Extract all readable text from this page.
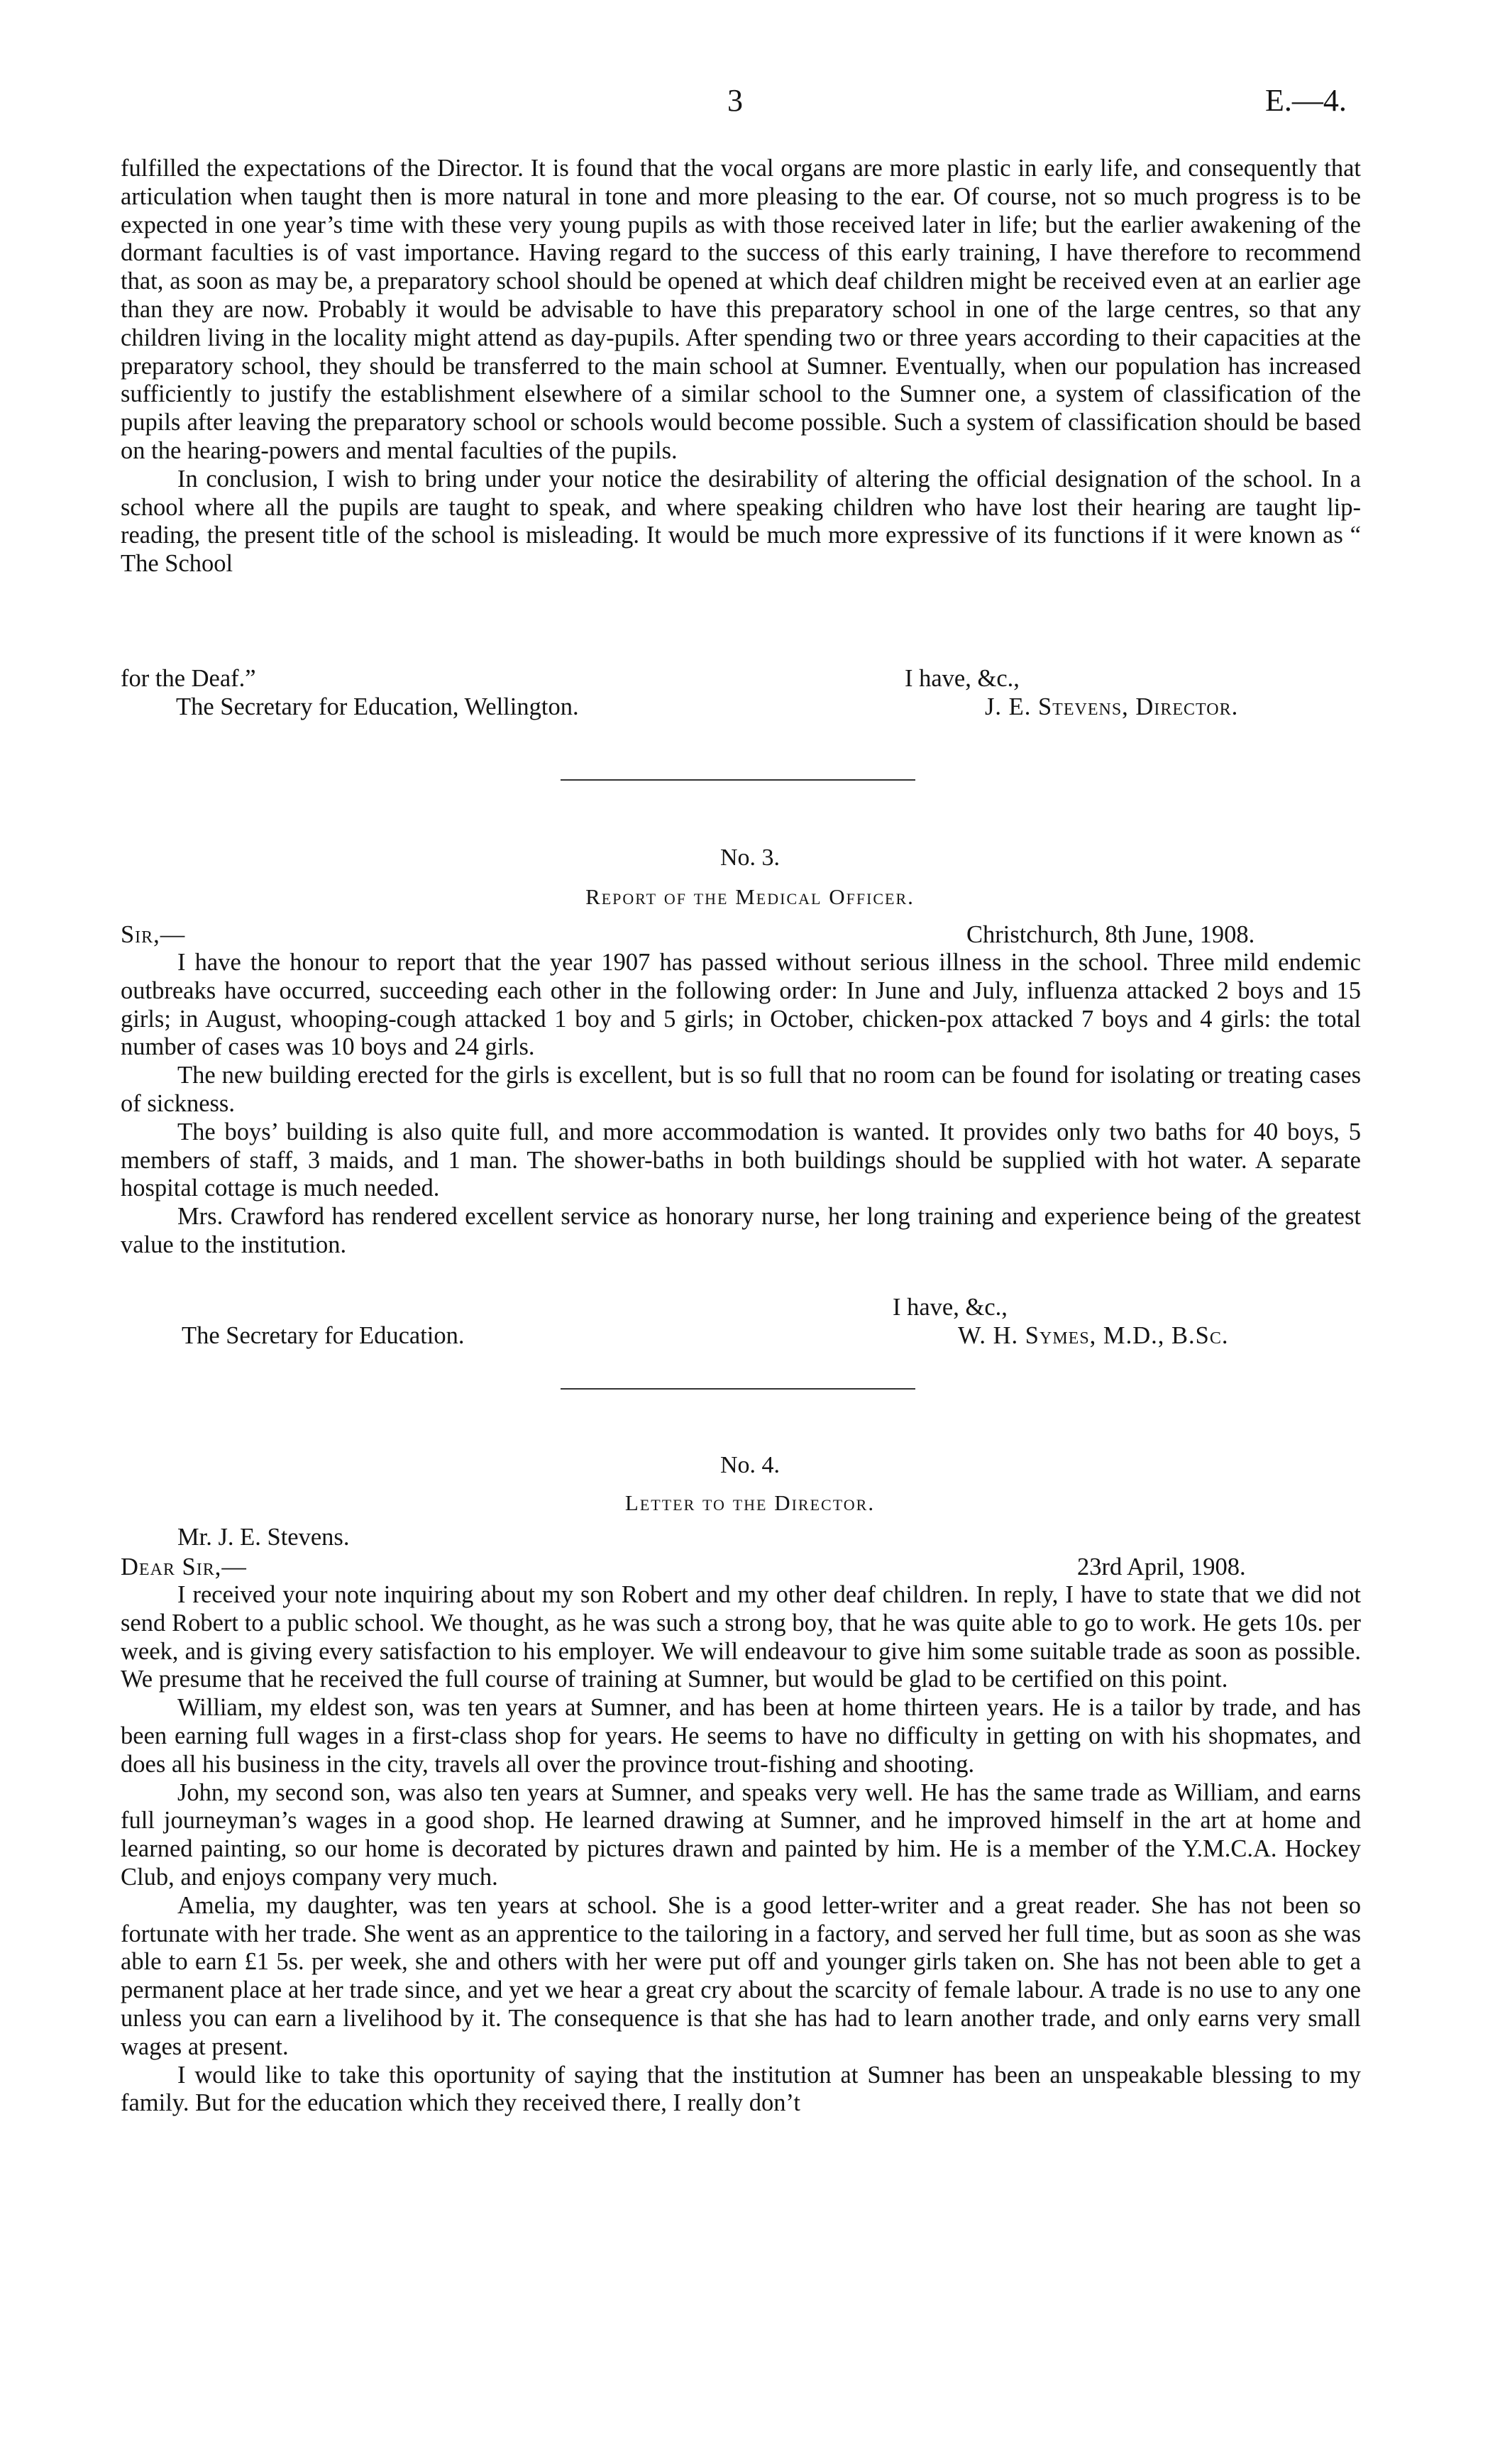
3	E.—4.

fulfilled the expectations of the Director. It is found that the vocal organs are more plastic in early life, and consequently that articulation when taught then is more natural in tone and more pleasing to the ear. Of course, not so much progress is to be expected in one year’s time with these very young pupils as with those received later in life; but the earlier awakening of the dormant faculties is of vast importance. Having regard to the success of this early training, I have therefore to recommend that, as soon as may be, a preparatory school should be opened at which deaf children might be received even at an earlier age than they are now. Probably it would be advisable to have this preparatory school in one of the large centres, so that any children living in the locality might attend as day-pupils. After spending two or three years according to their capacities at the preparatory school, they should be transferred to the main school at Sumner. Eventually, when our population has increased sufficiently to justify the establishment elsewhere of a similar school to the Sumner one, a system of classification of the pupils after leaving the preparatory school or schools would become possible. Such a system of classification should be based on the hearing-powers and mental faculties of the pupils.

In conclusion, I wish to bring under your notice the desirability of altering the official designation of the school. In a school where all the pupils are taught to speak, and where speaking children who have lost their hearing are taught lip-reading, the present title of the school is misleading. It would be much more expressive of its functions if it were known as “ The School

for the Deaf.”	I have, &c.,
The Secretary for Education, Wellington.	J. E. Stevens, Director.
No. 3.
Report of the Medical Officer.
Sir,—	Christchurch, 8th June, 1908.

I have the honour to report that the year 1907 has passed without serious illness in the school. Three mild endemic outbreaks have occurred, succeeding each other in the following order: In June and July, influenza attacked 2 boys and 15 girls; in August, whooping-cough attacked 1 boy and 5 girls; in October, chicken-pox attacked 7 boys and 4 girls: the total number of cases was 10 boys and 24 girls.

The new building erected for the girls is excellent, but is so full that no room can be found for isolating or treating cases of sickness.

The boys’ building is also quite full, and more accommodation is wanted. It provides only two baths for 40 boys, 5 members of staff, 3 maids, and 1 man. The shower-baths in both buildings should be supplied with hot water. A separate hospital cottage is much needed.

Mrs. Crawford has rendered excellent service as honorary nurse, her long training and experience being of the greatest value to the institution.

I have, &c.,
The Secretary for Education.	W. H. Symes, M.D., B.Sc.
No. 4.
Letter to the Director.
Mr. J. E. Stevens.
Dear Sir,—	23rd April, 1908.

I received your note inquiring about my son Robert and my other deaf children. In reply, I have to state that we did not send Robert to a public school. We thought, as he was such a strong boy, that he was quite able to go to work. He gets 10s. per week, and is giving every satisfaction to his employer. We will endeavour to give him some suitable trade as soon as possible. We presume that he received the full course of training at Sumner, but would be glad to be certified on this point.

William, my eldest son, was ten years at Sumner, and has been at home thirteen years. He is a tailor by trade, and has been earning full wages in a first-class shop for years. He seems to have no difficulty in getting on with his shopmates, and does all his business in the city, travels all over the province trout-fishing and shooting.

John, my second son, was also ten years at Sumner, and speaks very well. He has the same trade as William, and earns full journeyman’s wages in a good shop. He learned drawing at Sumner, and he improved himself in the art at home and learned painting, so our home is decorated by pictures drawn and painted by him. He is a member of the Y.M.C.A. Hockey Club, and enjoys company very much.

Amelia, my daughter, was ten years at school. She is a good letter-writer and a great reader. She has not been so fortunate with her trade. She went as an apprentice to the tailoring in a factory, and served her full time, but as soon as she was able to earn £1 5s. per week, she and others with her were put off and younger girls taken on. She has not been able to get a permanent place at her trade since, and yet we hear a great cry about the scarcity of female labour. A trade is no use to any one unless you can earn a livelihood by it. The consequence is that she has had to learn another trade, and only earns very small wages at present.

I would like to take this oportunity of saying that the institution at Sumner has been an unspeakable blessing to my family. But for the education which they received there, I really don’t
